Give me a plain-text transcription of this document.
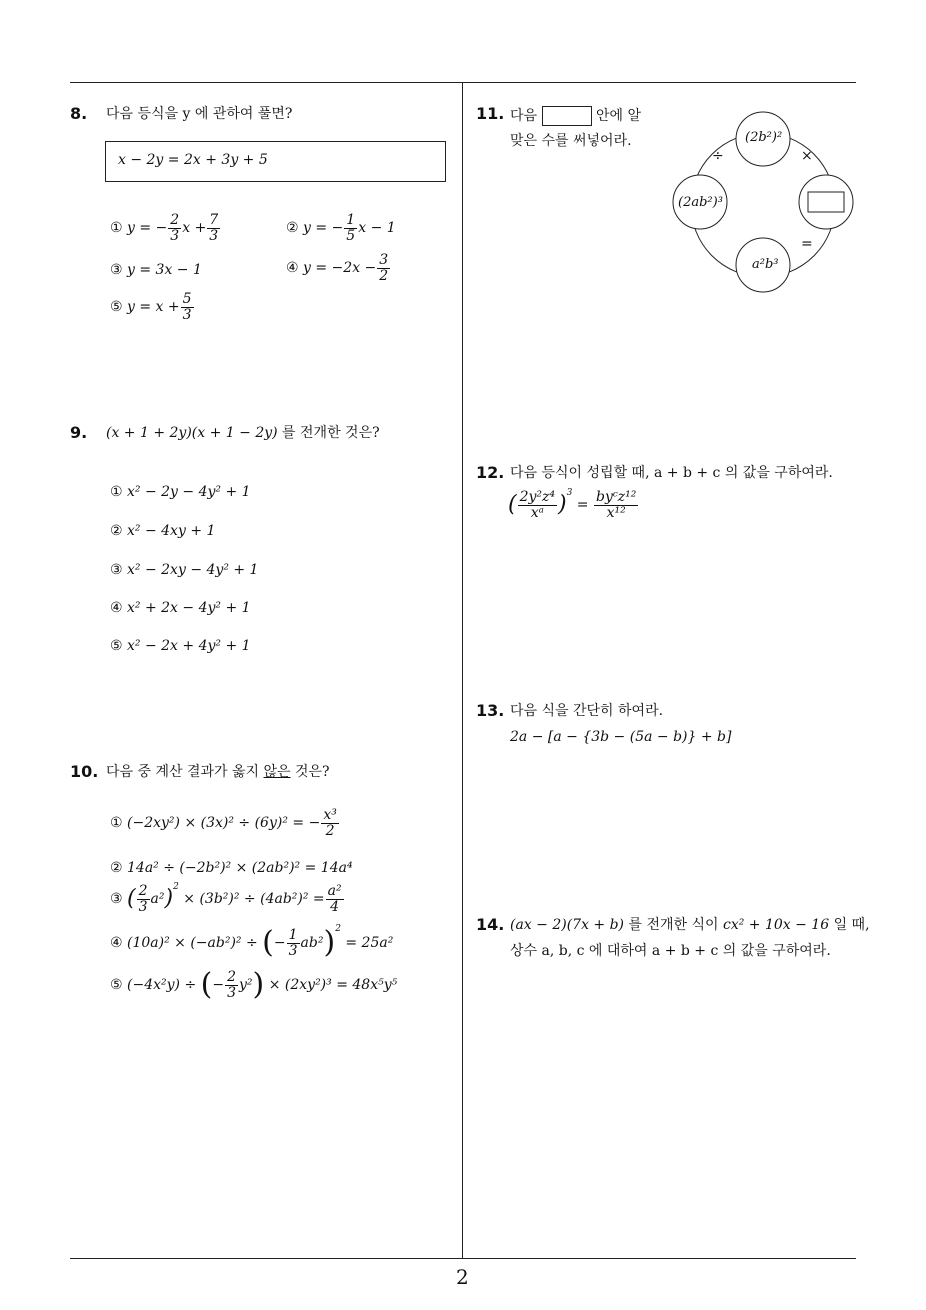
8. 다음 등식을 y 에 관하여 풀면?
x − 2y = 2x + 3y + 5
① y = − $\frac{2}{3}$ $x + \frac{7}{3}$	② y = − $\frac{1}{5}$ x − 1
③ y = 3x − 1	④ $y = -2x - \frac{3}{2}$
⑤ $y = x + \frac{5}{3}$
9. (x + 1 + 2y)(x + 1 − 2y) 를 전개한 것은?
① x² − 2y − 4y² + 1
② x² − 4xy + 1
③ x² − 2xy − 4y² + 1
④ x² + 2x − 4y² + 1
⑤ x² − 2x + 4y² + 1
10. 다음 중 계산 결과가 옳지 않은 것은?
① (−2xy²) × (3x)² ÷ (6y)² = − $\frac{\text{x³}}{2}$
② 14a² ÷ (−2b²)² × (2ab²)² = 14a⁴
③ ( $\frac{2}{3} a^2)^2 \times (3b^2)^2 \div (4ab^2)^2 = \frac{\text{a²}}{4}$
④ (10a)² × (−ab²)² ÷ (− $\frac{1}{3} ab^2)^2 = 25a^2$
⑤ (−4x²y) ÷ (− $\frac{2}{3} y^2) \times (2xy^2)^3 = 48x^5y^5$
11. 다음	안에 알
맞은 수를 써넣어라.	(2b²)²
(2ab²)³
a²b³
÷	×
=
12. 다음 등식이 성립할 때, a + b + c 의 값을 구하여라.
( $\frac{\text{2y²z⁴}}{\text{xᵃ}} )^3 = \frac{\text{byᶜz¹²}}{\text{x¹²}}$
13. 다음 식을 간단히 하여라.
2a − [a − {3b − (5a − b)} + b]
14. (ax − 2)(7x + b) 를 전개한 식이 cx² + 10x − 16 일 때,
상수 a, b, c 에 대하여 a + b + c 의 값을 구하여라.
2
